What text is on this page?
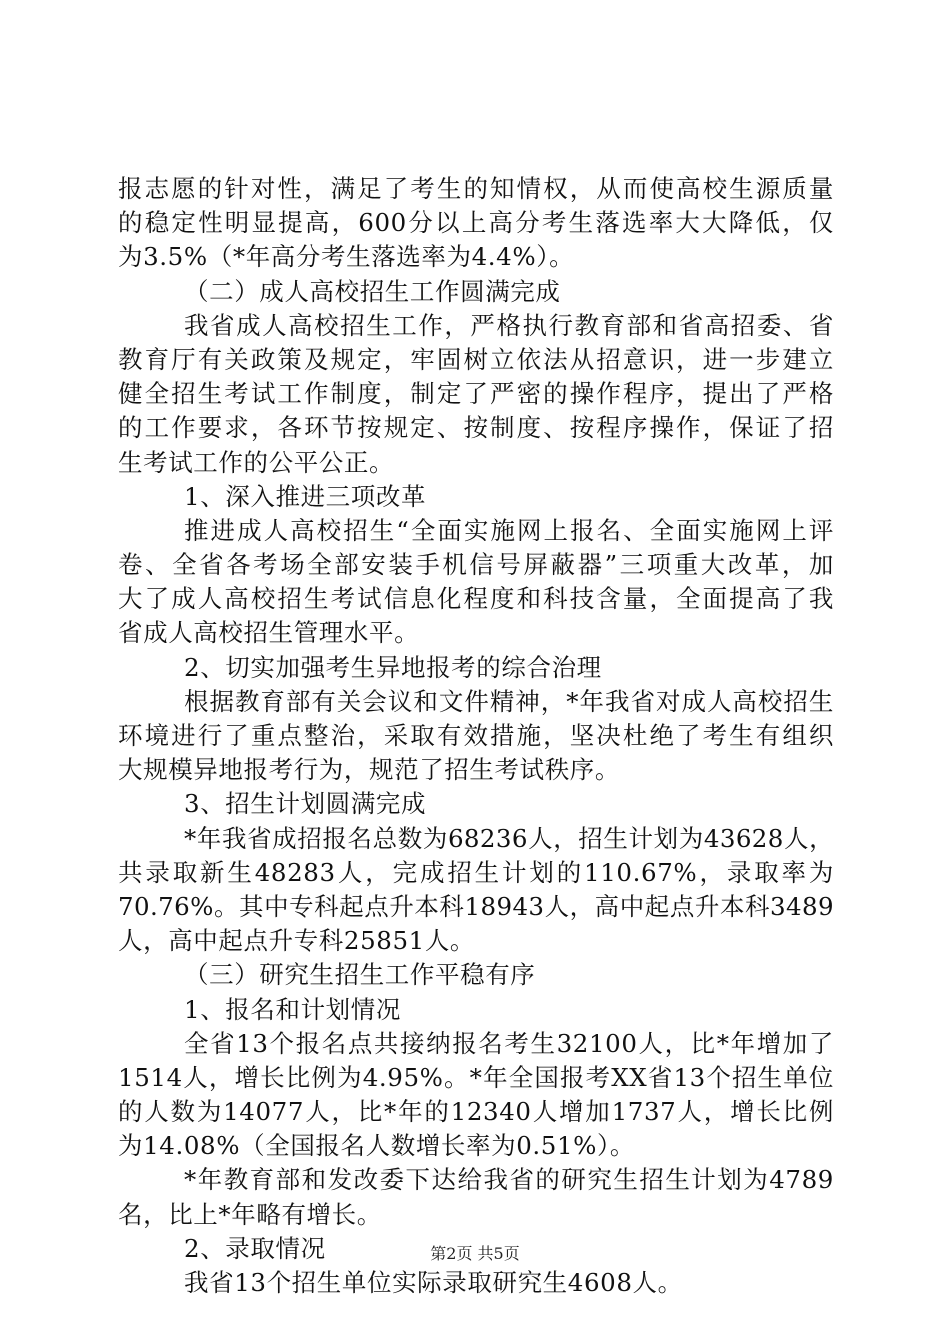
报志愿的针对性，满足了考生的知情权，从而使高校生源质量
的稳定性明显提高，600分以上高分考生落选率大大降低，仅
为3.5%（*年高分考生落选率为4.4%）。
（二）成人高校招生工作圆满完成
我省成人高校招生工作，严格执行教育部和省高招委、省
教育厅有关政策及规定，牢固树立依法从招意识，进一步建立
健全招生考试工作制度，制定了严密的操作程序，提出了严格
的工作要求，各环节按规定、按制度、按程序操作，保证了招
生考试工作的公平公正。
1、深入推进三项改革
推进成人高校招生“全面实施网上报名、全面实施网上评
卷、全省各考场全部安装手机信号屏蔽器”三项重大改革，加
大了成人高校招生考试信息化程度和科技含量，全面提高了我
省成人高校招生管理水平。
2、切实加强考生异地报考的综合治理
根据教育部有关会议和文件精神，*年我省对成人高校招生
环境进行了重点整治，采取有效措施，坚决杜绝了考生有组织
大规模异地报考行为，规范了招生考试秩序。
3、招生计划圆满完成
*年我省成招报名总数为68236人，招生计划为43628人，
共录取新生48283人，完成招生计划的110.67%，录取率为
70.76%。其中专科起点升本科18943人，高中起点升本科3489
人，高中起点升专科25851人。
（三）研究生招生工作平稳有序
1、报名和计划情况
全省13个报名点共接纳报名考生32100人，比*年增加了
1514人，增长比例为4.95%。*年全国报考XX省13个招生单位
的人数为14077人，比*年的12340人增加1737人，增长比例
为14.08%（全国报名人数增长率为0.51%）。
*年教育部和发改委下达给我省的研究生招生计划为4789
名，比上*年略有增长。
2、录取情况
我省13个招生单位实际录取研究生4608人。
第2页 共5页
